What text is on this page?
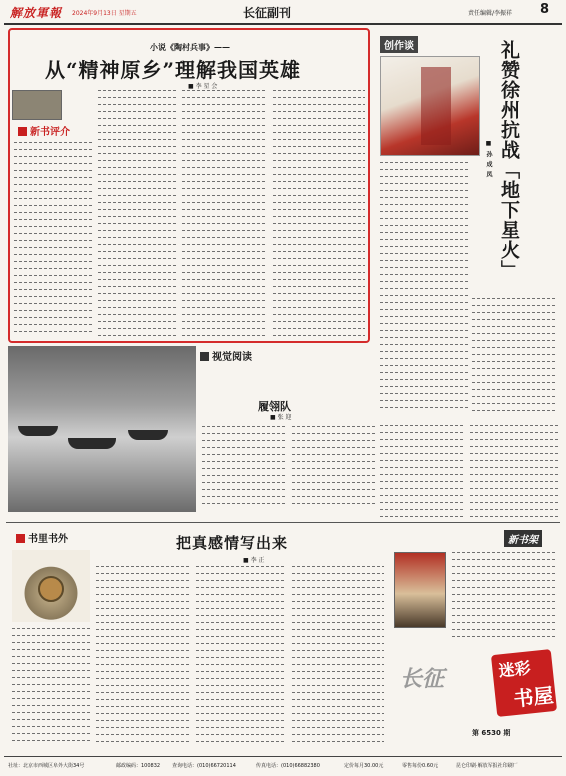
解放軍報 2024年9月13日 星期五	长征副刊	责任编辑/李振祥 8
小说《陶村兵事》——
从“精神原乡”理解我国英雄
■ 李 星 会
新书评介
创作谈	礼赞徐州抗战「地下星火」
■ 孙 成 凤
视觉阅读
履翎队
■ 张 迎
书里书外	把真感情写出来
■ 李 正
新书架
长征	迷彩
书屋
第 6530 期
社址：北京市西城区阜外大街34号	邮政编码：100832 查询电话：(010)66720114	传真电话：(010)66882380	定价每月30.00元	零售每份0.60元	昆仑印刷·解放军报社印刷厂
